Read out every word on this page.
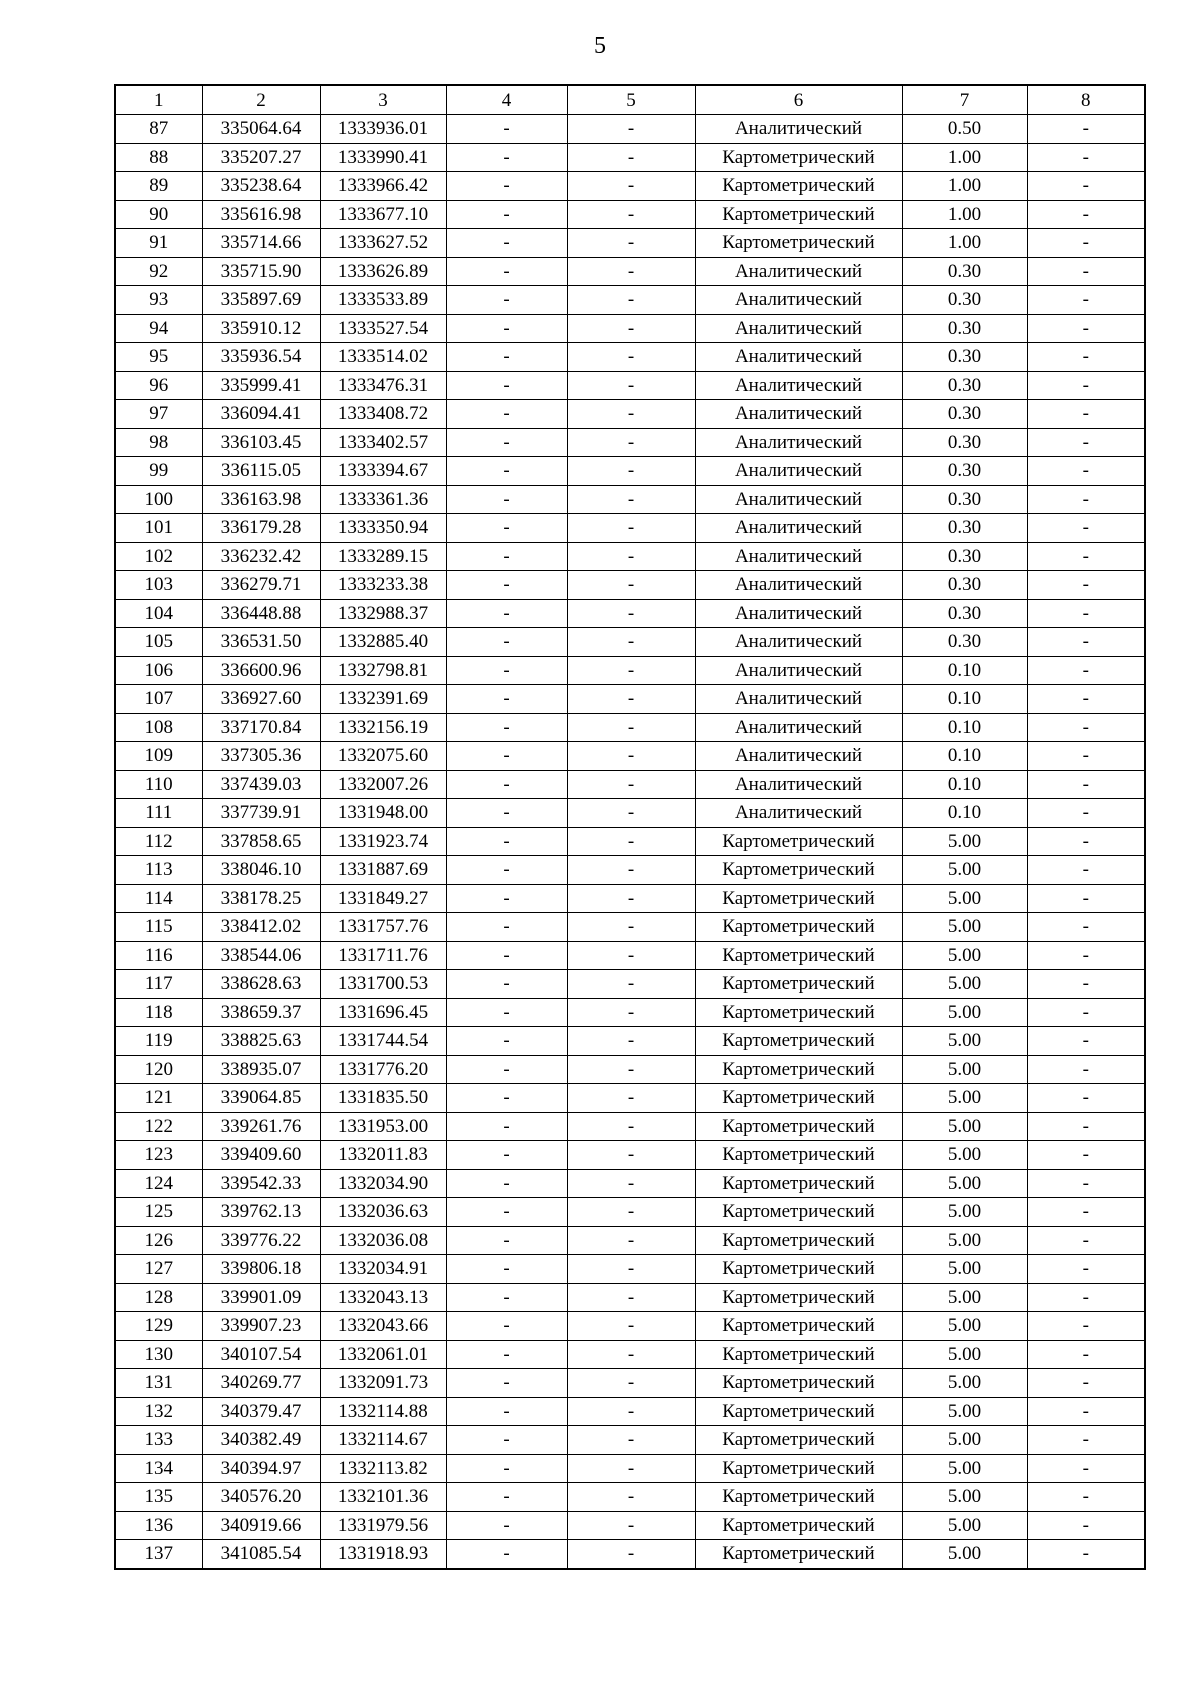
5
1	2	3	4	5	6	7	8
87	335064.64	1333936.01	-	-	Аналитический	0.50	-
88	335207.27	1333990.41	-	-	Картометрический	1.00	-
89	335238.64	1333966.42	-	-	Картометрический	1.00	-
90	335616.98	1333677.10	-	-	Картометрический	1.00	-
91	335714.66	1333627.52	-	-	Картометрический	1.00	-
92	335715.90	1333626.89	-	-	Аналитический	0.30	-
93	335897.69	1333533.89	-	-	Аналитический	0.30	-
94	335910.12	1333527.54	-	-	Аналитический	0.30	-
95	335936.54	1333514.02	-	-	Аналитический	0.30	-
96	335999.41	1333476.31	-	-	Аналитический	0.30	-
97	336094.41	1333408.72	-	-	Аналитический	0.30	-
98	336103.45	1333402.57	-	-	Аналитический	0.30	-
99	336115.05	1333394.67	-	-	Аналитический	0.30	-
100	336163.98	1333361.36	-	-	Аналитический	0.30	-
101	336179.28	1333350.94	-	-	Аналитический	0.30	-
102	336232.42	1333289.15	-	-	Аналитический	0.30	-
103	336279.71	1333233.38	-	-	Аналитический	0.30	-
104	336448.88	1332988.37	-	-	Аналитический	0.30	-
105	336531.50	1332885.40	-	-	Аналитический	0.30	-
106	336600.96	1332798.81	-	-	Аналитический	0.10	-
107	336927.60	1332391.69	-	-	Аналитический	0.10	-
108	337170.84	1332156.19	-	-	Аналитический	0.10	-
109	337305.36	1332075.60	-	-	Аналитический	0.10	-
110	337439.03	1332007.26	-	-	Аналитический	0.10	-
111	337739.91	1331948.00	-	-	Аналитический	0.10	-
112	337858.65	1331923.74	-	-	Картометрический	5.00	-
113	338046.10	1331887.69	-	-	Картометрический	5.00	-
114	338178.25	1331849.27	-	-	Картометрический	5.00	-
115	338412.02	1331757.76	-	-	Картометрический	5.00	-
116	338544.06	1331711.76	-	-	Картометрический	5.00	-
117	338628.63	1331700.53	-	-	Картометрический	5.00	-
118	338659.37	1331696.45	-	-	Картометрический	5.00	-
119	338825.63	1331744.54	-	-	Картометрический	5.00	-
120	338935.07	1331776.20	-	-	Картометрический	5.00	-
121	339064.85	1331835.50	-	-	Картометрический	5.00	-
122	339261.76	1331953.00	-	-	Картометрический	5.00	-
123	339409.60	1332011.83	-	-	Картометрический	5.00	-
124	339542.33	1332034.90	-	-	Картометрический	5.00	-
125	339762.13	1332036.63	-	-	Картометрический	5.00	-
126	339776.22	1332036.08	-	-	Картометрический	5.00	-
127	339806.18	1332034.91	-	-	Картометрический	5.00	-
128	339901.09	1332043.13	-	-	Картометрический	5.00	-
129	339907.23	1332043.66	-	-	Картометрический	5.00	-
130	340107.54	1332061.01	-	-	Картометрический	5.00	-
131	340269.77	1332091.73	-	-	Картометрический	5.00	-
132	340379.47	1332114.88	-	-	Картометрический	5.00	-
133	340382.49	1332114.67	-	-	Картометрический	5.00	-
134	340394.97	1332113.82	-	-	Картометрический	5.00	-
135	340576.20	1332101.36	-	-	Картометрический	5.00	-
136	340919.66	1331979.56	-	-	Картометрический	5.00	-
137	341085.54	1331918.93	-	-	Картометрический	5.00	-
